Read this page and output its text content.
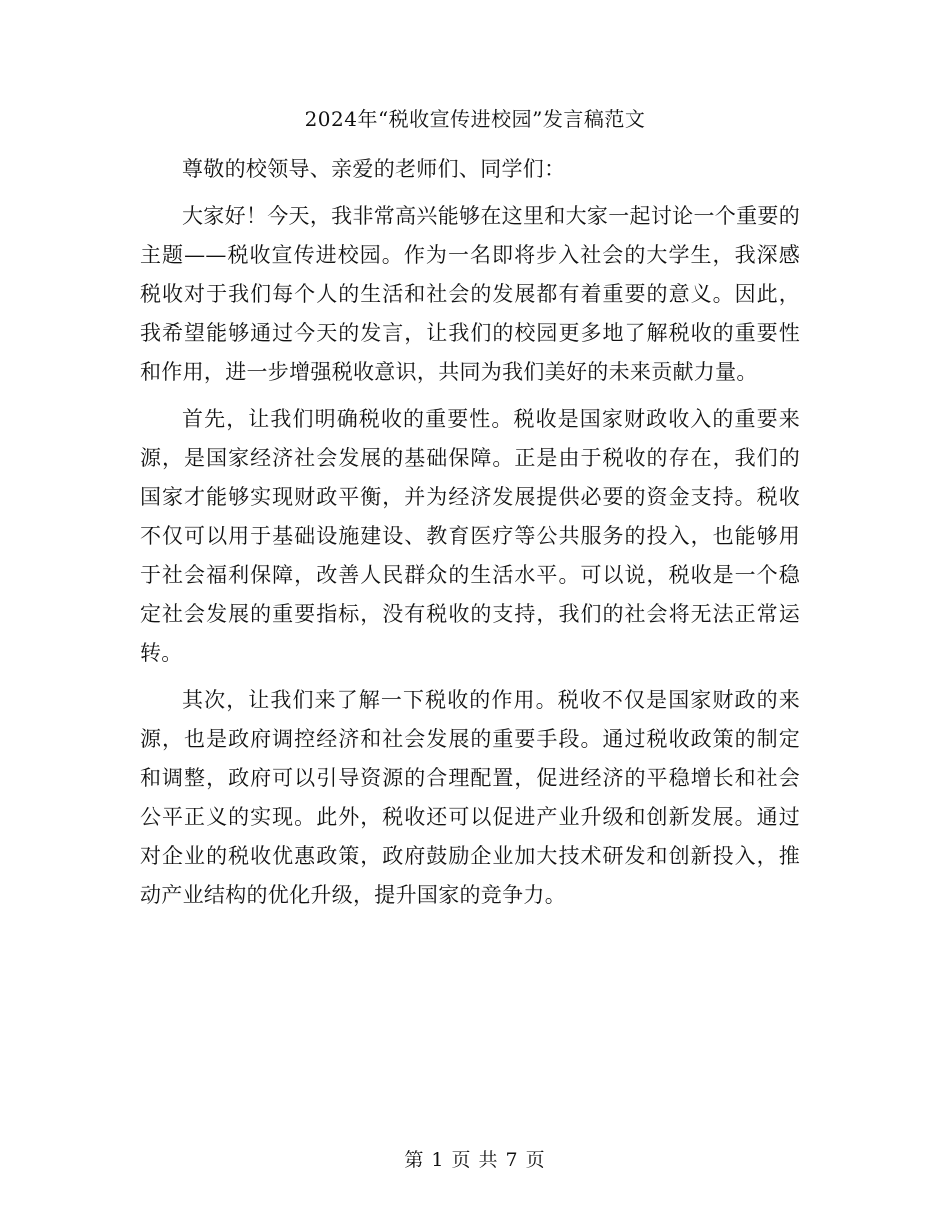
2024年“税收宣传进校园”发言稿范文

尊敬的校领导、亲爱的老师们、同学们：

大家好！今天，我非常高兴能够在这里和大家一起讨论一个重要的主题——税收宣传进校园。作为一名即将步入社会的大学生，我深感税收对于我们每个人的生活和社会的发展都有着重要的意义。因此，我希望能够通过今天的发言，让我们的校园更多地了解税收的重要性和作用，进一步增强税收意识，共同为我们美好的未来贡献力量。

首先，让我们明确税收的重要性。税收是国家财政收入的重要来源，是国家经济社会发展的基础保障。正是由于税收的存在，我们的国家才能够实现财政平衡，并为经济发展提供必要的资金支持。税收不仅可以用于基础设施建设、教育医疗等公共服务的投入，也能够用于社会福利保障，改善人民群众的生活水平。可以说，税收是一个稳定社会发展的重要指标，没有税收的支持，我们的社会将无法正常运转。

其次，让我们来了解一下税收的作用。税收不仅是国家财政的来源，也是政府调控经济和社会发展的重要手段。通过税收政策的制定和调整，政府可以引导资源的合理配置，促进经济的平稳增长和社会公平正义的实现。此外，税收还可以促进产业升级和创新发展。通过对企业的税收优惠政策，政府鼓励企业加大技术研发和创新投入，推动产业结构的优化升级，提升国家的竞争力。

第 1 页 共 7 页
